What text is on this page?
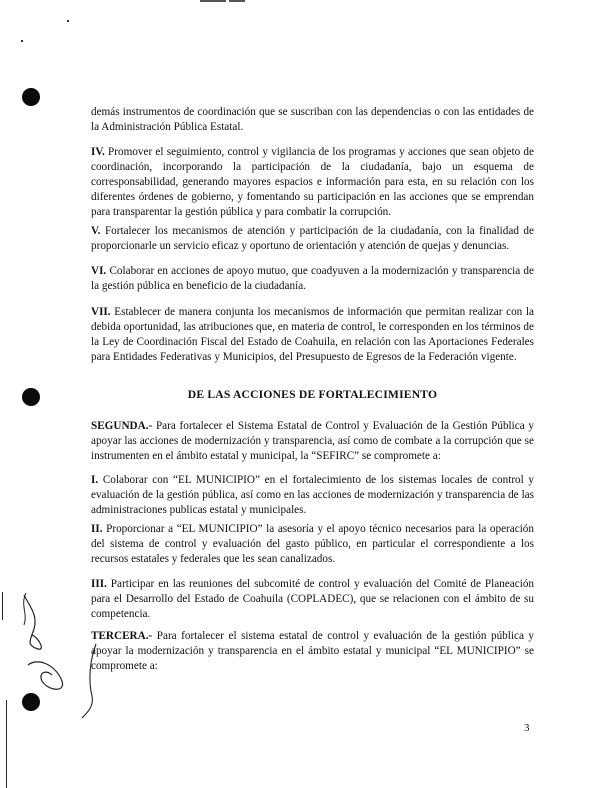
demás instrumentos de coordinación que se suscriban con las dependencias o con las entidades de la Administración Pública Estatal.

IV. Promover el seguimiento, control y vigilancia de los programas y acciones que sean objeto de coordinación, incorporando la participación de la ciudadanía, bajo un esquema de corresponsabilidad, generando mayores espacios e información para esta, en su relación con los diferentes órdenes de gobierno, y fomentando su participación en las acciones que se emprendan para transparentar la gestión pública y para combatir la corrupción.

V. Fortalecer los mecanismos de atención y participación de la ciudadanía, con la finalidad de proporcionarle un servicio eficaz y oportuno de orientación y atención de quejas y denuncias.

VI. Colaborar en acciones de apoyo mutuo, que coadyuven a la modernización y transparencia de la gestión pública en beneficio de la ciudadanía.

VII. Establecer de manera conjunta los mecanismos de información que permitan realizar con la debida oportunidad, las atribuciones que, en materia de control, le corresponden en los términos de la Ley de Coordinación Fiscal del Estado de Coahuila, en relación con las Aportaciones Federales para Entidades Federativas y Municipios, del Presupuesto de Egresos de la Federación vigente.

DE LAS ACCIONES DE FORTALECIMIENTO

SEGUNDA.- Para fortalecer el Sistema Estatal de Control y Evaluación de la Gestión Pública y apoyar las acciones de modernización y transparencia, así como de combate a la corrupción que se instrumenten en el ámbito estatal y municipal, la “SEFIRC” se compromete a:

I. Colaborar con “EL MUNICIPIO” en el fortalecimiento de los sistemas locales de control y evaluación de la gestión pública, así como en las acciones de modernización y transparencia de las administraciones publicas estatal y municipales.

II. Proporcionar a “EL MUNICIPIO” la asesoría y el apoyo técnico necesarios para la operación del sistema de control y evaluación del gasto público, en particular el correspondiente a los recursos estatales y federales que les sean canalizados.

III. Participar en las reuniones del subcomité de control y evaluación del Comité de Planeación para el Desarrollo del Estado de Coahuila (COPLADEC), que se relacionen con el ámbito de su competencia.

TERCERA.- Para fortalecer el sistema estatal de control y evaluación de la gestión pública y apoyar la modernización y transparencia en el ámbito estatal y municipal “EL MUNICIPIO” se compromete a:

3
